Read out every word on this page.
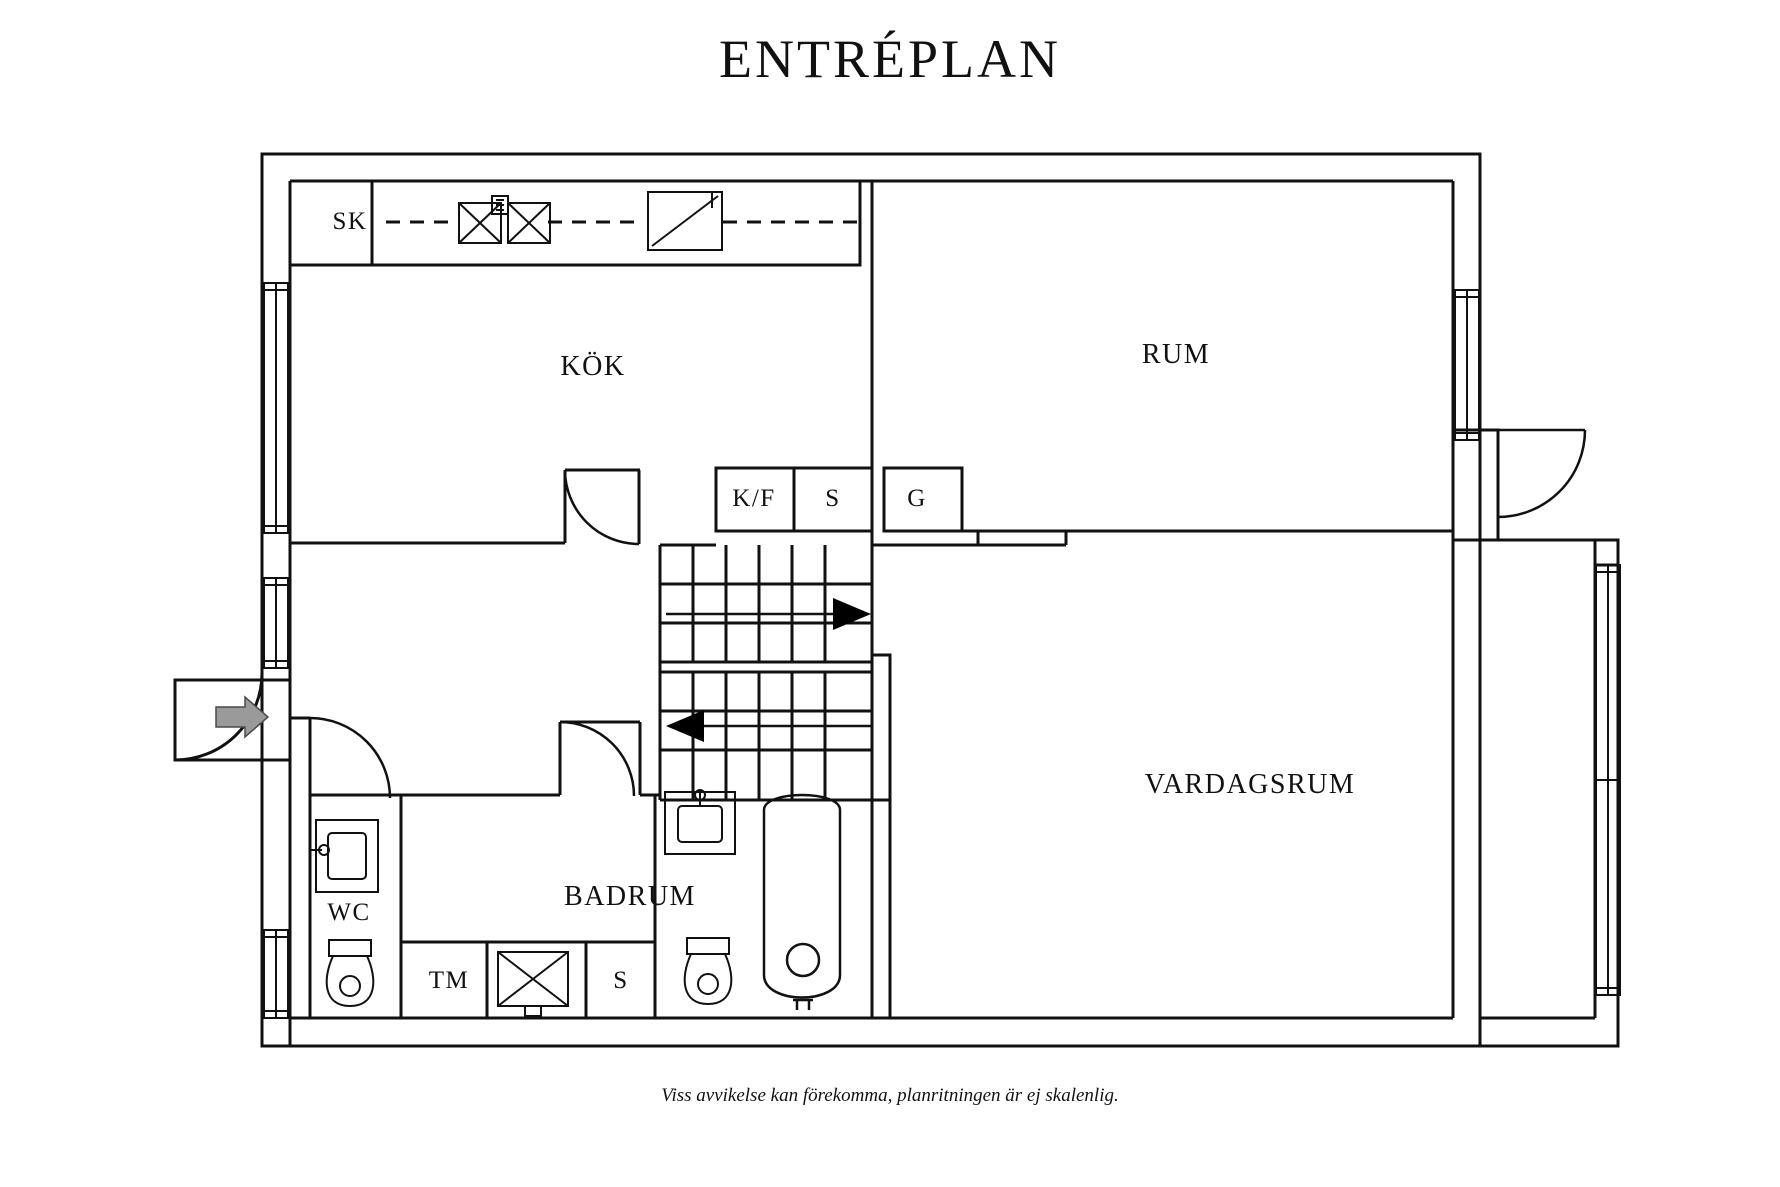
ENTRÉPLAN
SK
KÖK	RUM
K/F S	G
VARDAGSRUM
WC
BADRUM
TM	S
Viss avvikelse kan förekomma, planritningen är ej skalenlig.
